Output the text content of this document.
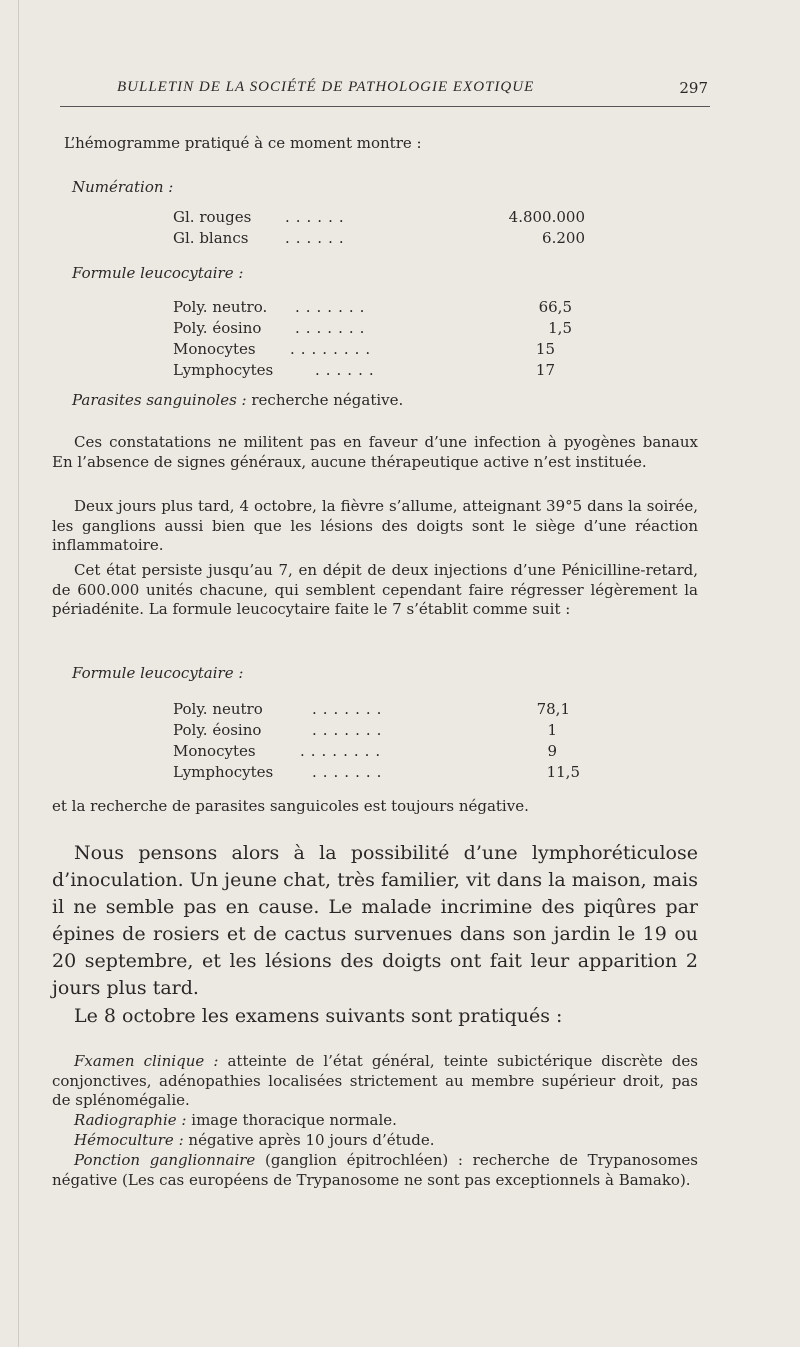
BULLETIN DE LA SOCIÉTÉ DE PATHOLOGIE EXOTIQUE	297
L’hémogramme pratiqué à ce moment montre :
Numération :
Gl. rouges ......	4.800.000
Gl. blancs ......	6.200
Formule leucocytaire :
Poly. neutro. .......	66,5
Poly. éosino .......	1,5
Monocytes ........	15
Lymphocytes	......	17
Parasites sanguinoles : recherche négative.
Ces constatations ne militent pas en faveur d’une infection à pyogènes banaux En l’absence de signes généraux, aucune thérapeutique active n’est instituée.
Deux jours plus tard, 4 octobre, la fièvre s’allume, atteignant 39°5 dans la soirée, les ganglions aussi bien que les lésions des doigts sont le siège d’une réaction inflammatoire.
Cet état persiste jusqu’au 7, en dépit de deux injections d’une Pénicilline-retard, de 600.000 unités chacune, qui semblent cependant faire régresser légèrement la périadénite. La formule leucocytaire faite le 7 s’établit comme suit :
Formule leucocytaire :
Poly. neutro	.......	78,1
Poly. éosino	.......	1
Monocytes	........	9
Lymphocytes	.......	11,5
et la recherche de parasites sanguicoles est toujours négative.
Nous pensons alors à la possibilité d’une lymphoréticulose d’inoculation. Un jeune chat, très familier, vit dans la maison, mais il ne semble pas en cause. Le malade incrimine des piqûres par épines de rosiers et de cactus survenues dans son jardin le 19 ou 20 septembre, et les lésions des doigts ont fait leur apparition 2 jours plus tard.
Le 8 octobre les examens suivants sont pratiqués :
Fxamen clinique : atteinte de l’état général, teinte subictérique discrète des conjonctives, adénopathies localisées strictement au membre supérieur droit, pas de splénomégalie.
Radiographie : image thoracique normale.
Hémoculture : négative après 10 jours d’étude.
Ponction ganglionnaire (ganglion épitrochléen) : recherche de Trypanosomes négative (Les cas européens de Trypanosome ne sont pas exceptionnels à Bamako).
